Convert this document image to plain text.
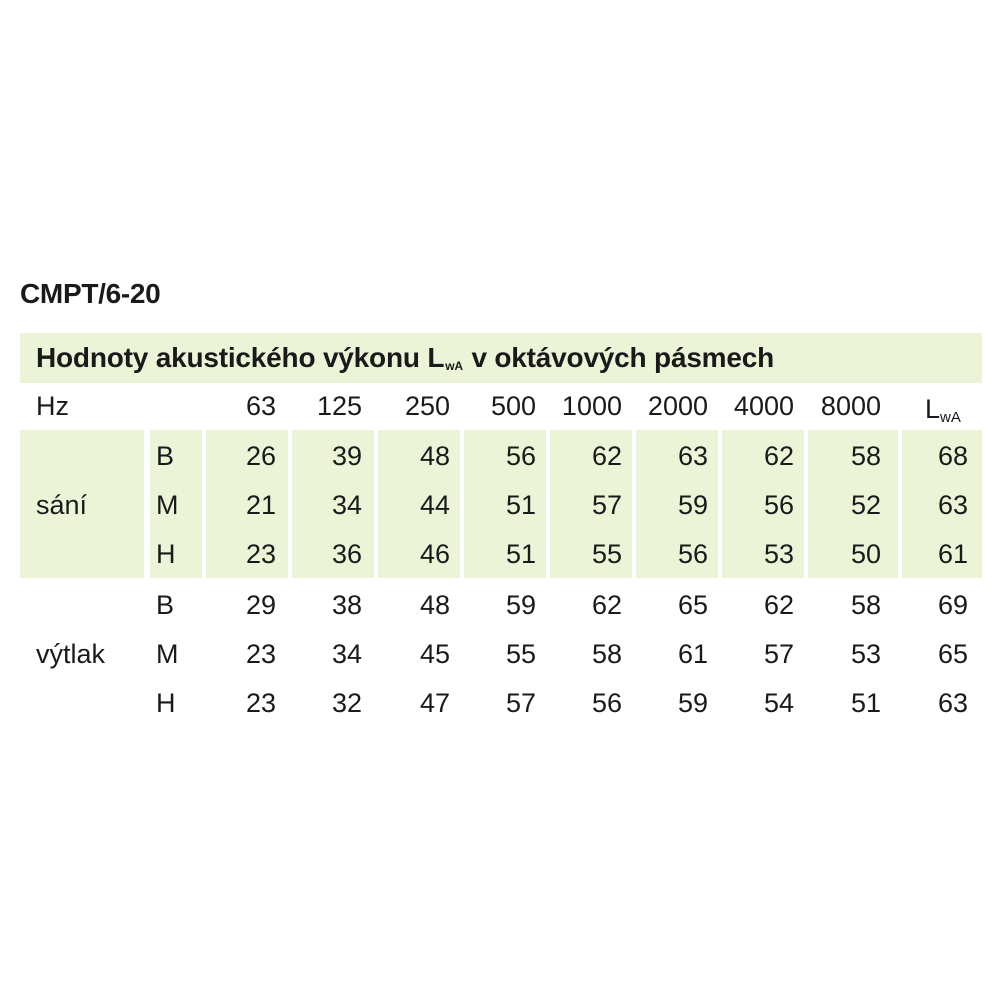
CMPT/6-20
Hodnoty akustického výkonu $L_{wA}$ v oktávových pásmech
Hz	63	125	250	500 1000 2000 4000 8000 $L_{wA}$
sání
B	26	39	48	56	62	63	62	58	68
M	21	34	44	51	57	59	56	52	63
H	23	36	46	51	55	56	53	50	61
výtlak
B	29	38	48	59	62	65	62	58	69
M	23	34	45	55	58	61	57	53	65
H	23	32	47	57	56	59	54	51	63
